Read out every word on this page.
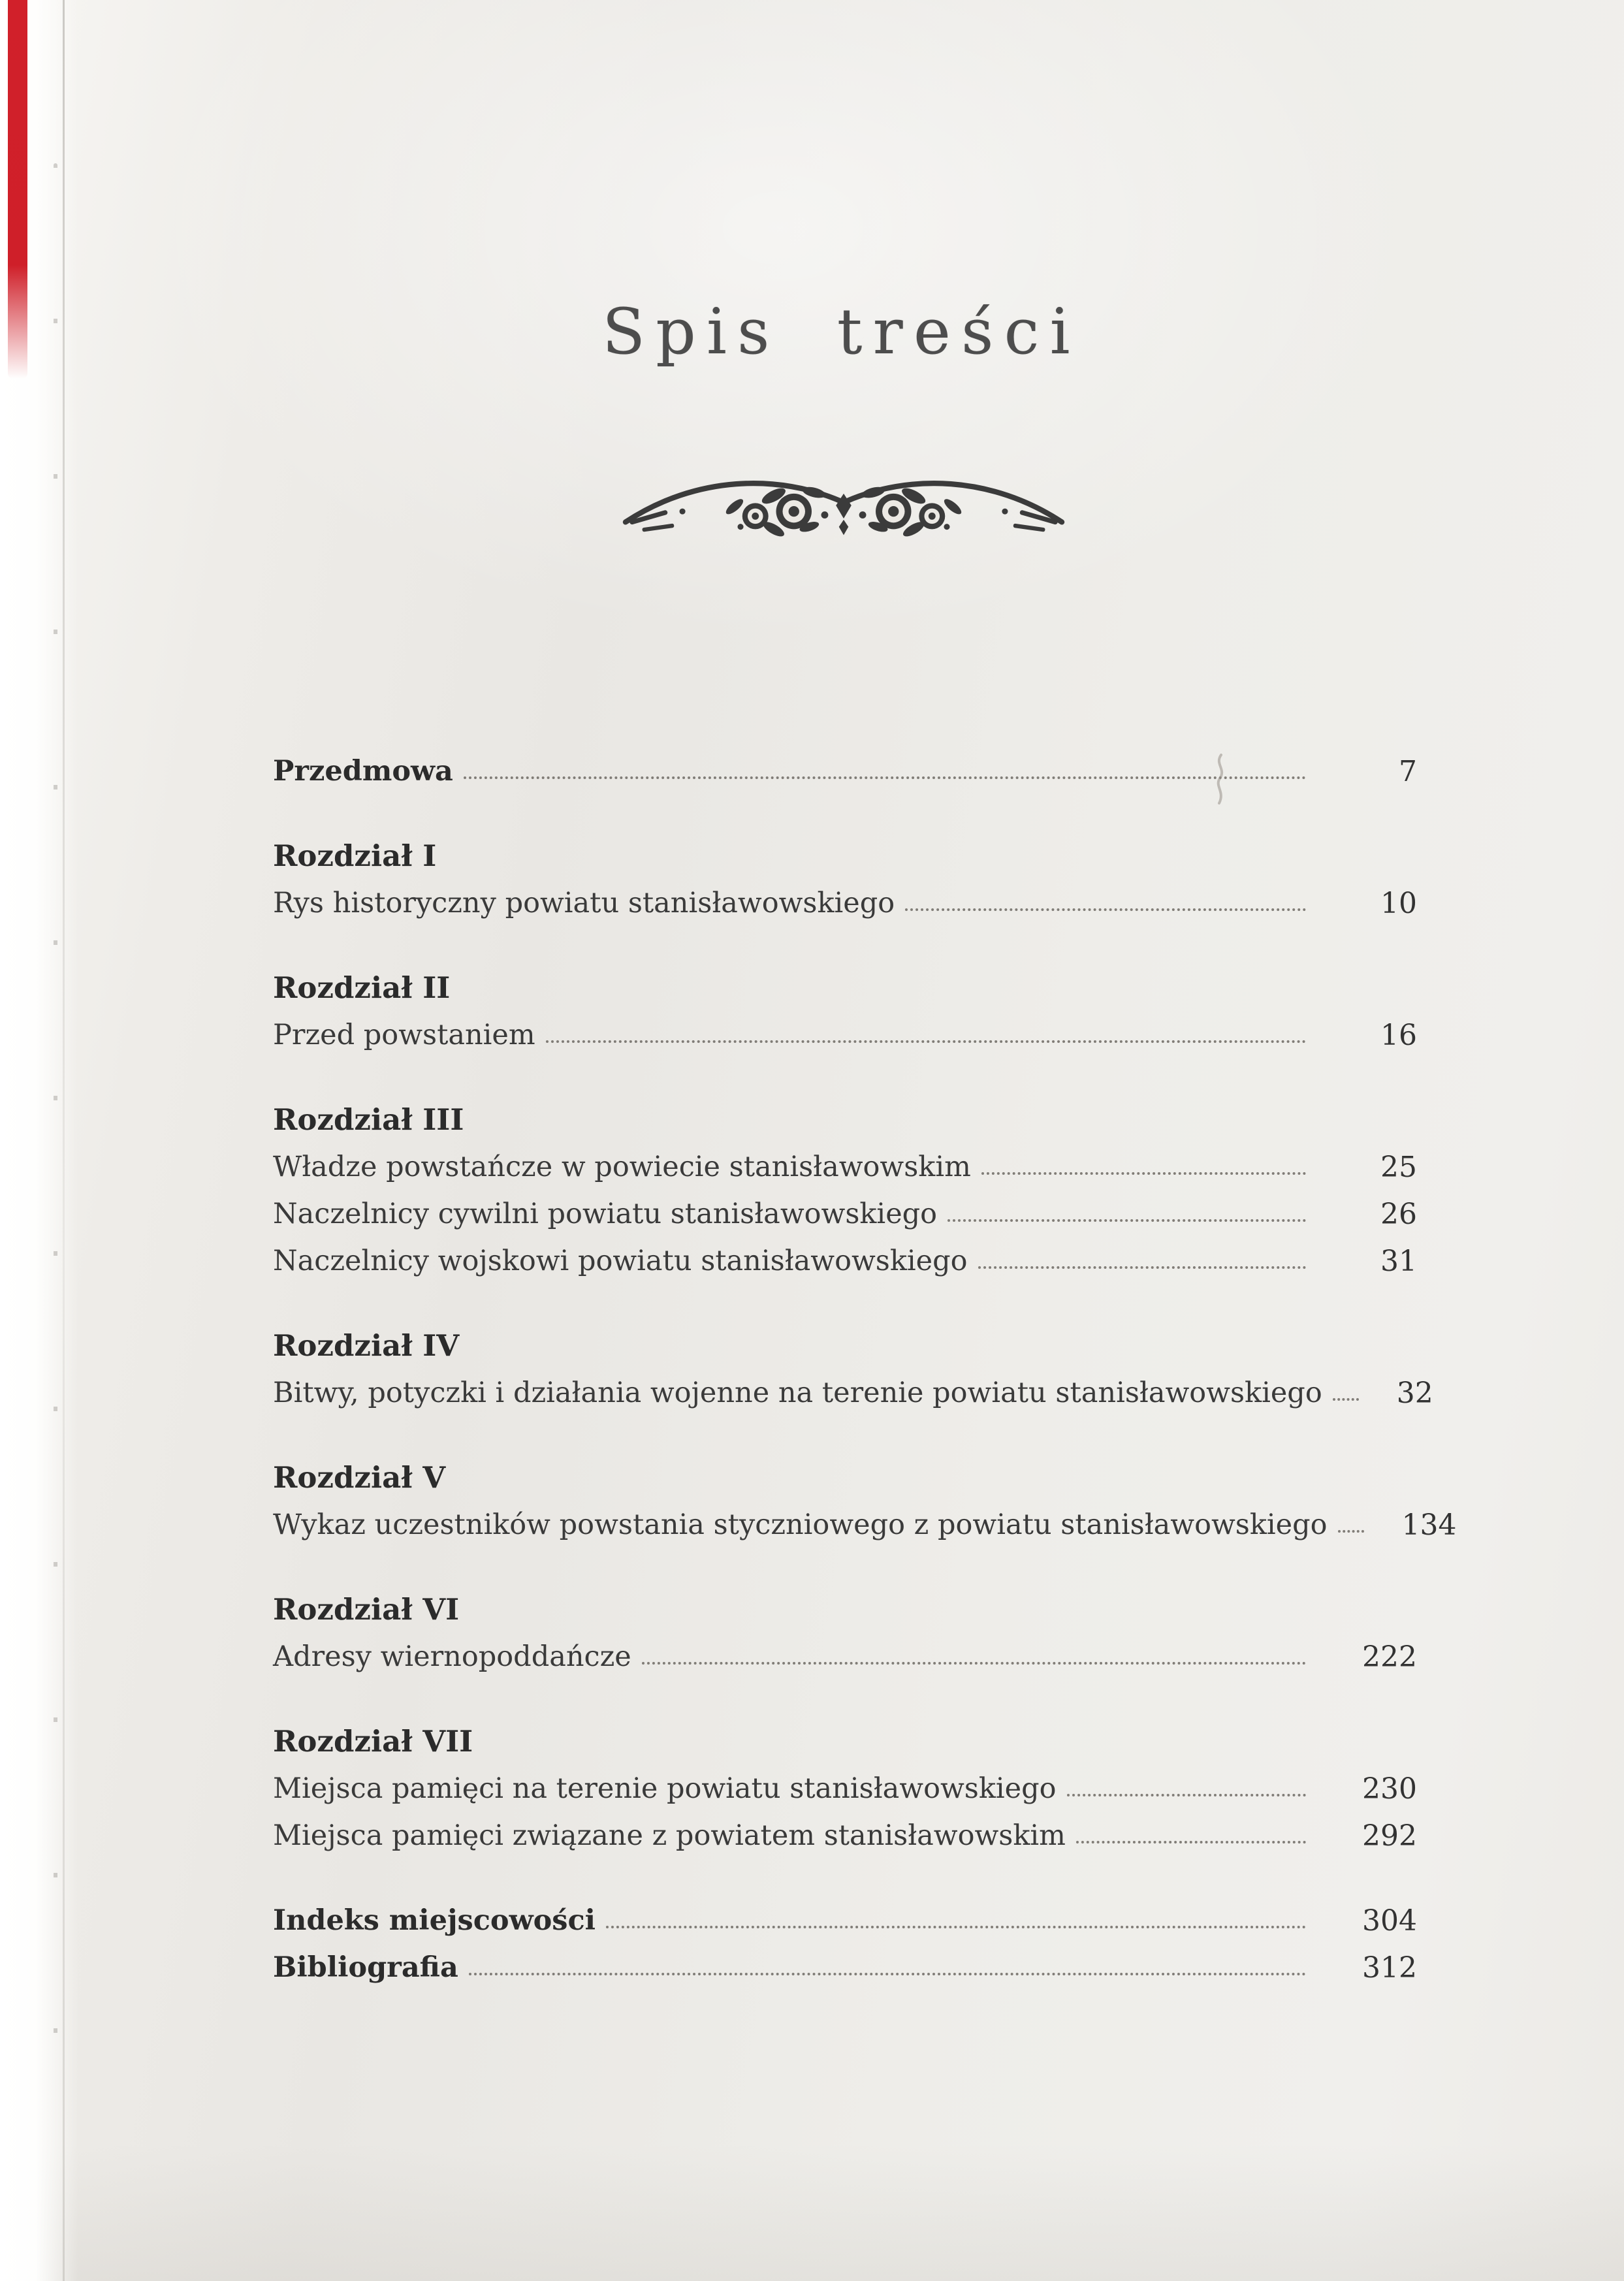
Spis treści
Przedmowa	7
Rozdział I
Rys historyczny powiatu stanisławowskiego	10
Rozdział II
Przed powstaniem	16
Rozdział III
Władze powstańcze w powiecie stanisławowskim	25
Naczelnicy cywilni powiatu stanisławowskiego	26
Naczelnicy wojskowi powiatu stanisławowskiego	31
Rozdział IV
Bitwy, potyczki i działania wojenne na terenie powiatu stanisławowskiego	32
Rozdział V
Wykaz uczestników powstania styczniowego z powiatu stanisławowskiego	134
Rozdział VI
Adresy wiernopoddańcze	222
Rozdział VII
Miejsca pamięci na terenie powiatu stanisławowskiego	230
Miejsca pamięci związane z powiatem stanisławowskim	292
Indeks miejscowości	304
Bibliografia	312
